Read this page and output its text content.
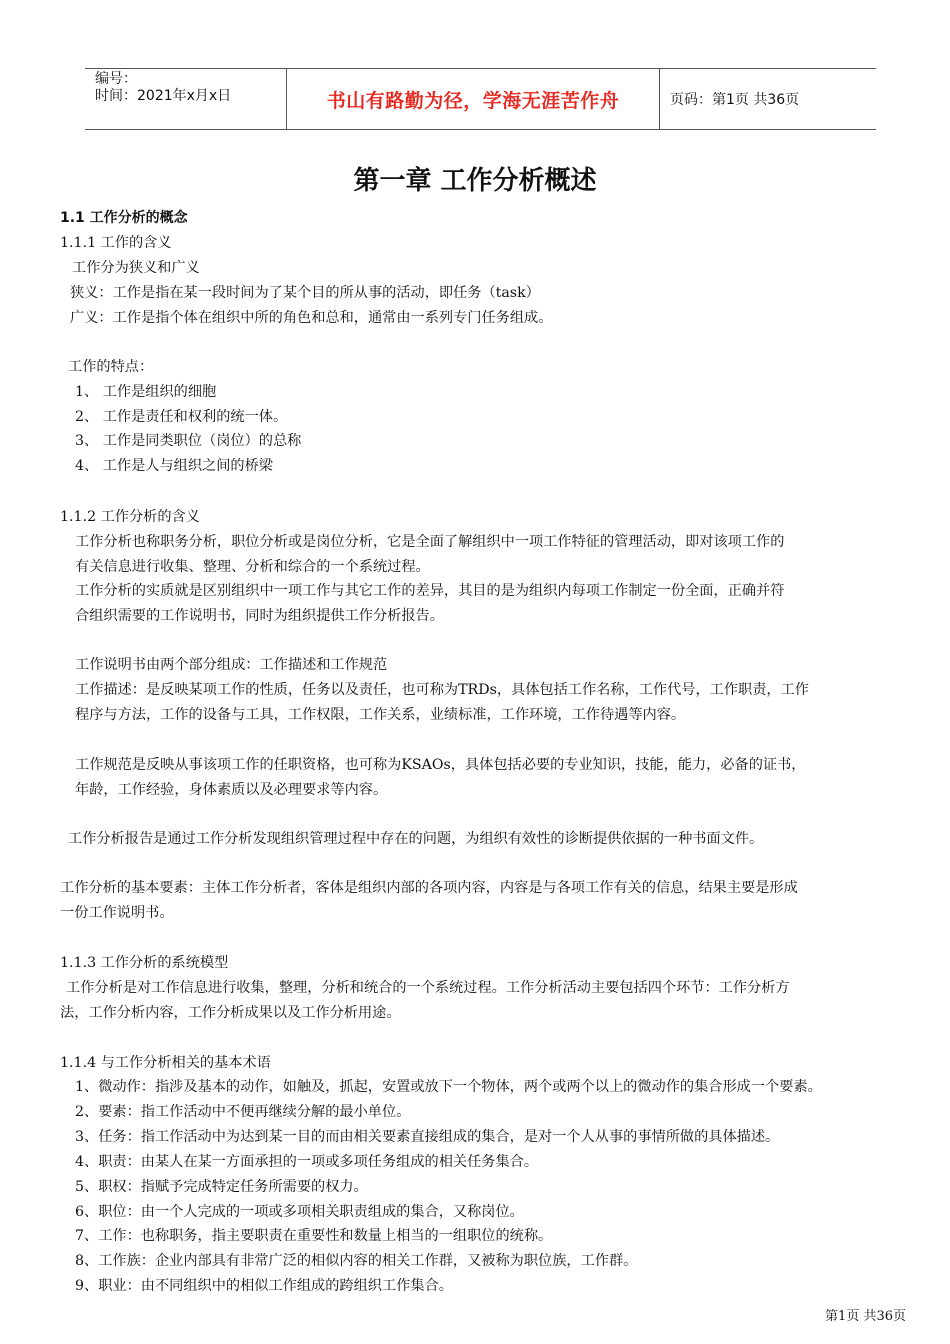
编号：
时间：2021年x月x日	书山有路勤为径，学海无涯苦作舟	页码：第1页 共36页
第一章 工作分析概述
1.1 工作分析的概念
1.1.1 工作的含义
工作分为狭义和广义
狭义：工作是指在某一段时间为了某个目的所从事的活动，即任务（task）
广义：工作是指个体在组织中所的角色和总和，通常由一系列专门任务组成。
工作的特点：
1、 工作是组织的细胞
2、 工作是责任和权利的统一体。
3、 工作是同类职位（岗位）的总称
4、 工作是人与组织之间的桥梁
1.1.2 工作分析的含义
工作分析也称职务分析，职位分析或是岗位分析，它是全面了解组织中一项工作特征的管理活动，即对该项工作的
有关信息进行收集、整理、分析和综合的一个系统过程。
工作分析的实质就是区别组织中一项工作与其它工作的差异，其目的是为组织内每项工作制定一份全面，正确并符
合组织需要的工作说明书，同时为组织提供工作分析报告。
工作说明书由两个部分组成：工作描述和工作规范
工作描述：是反映某项工作的性质，任务以及责任，也可称为TRDs，具体包括工作名称，工作代号，工作职责，工作
程序与方法，工作的设备与工具，工作权限，工作关系，业绩标准，工作环境，工作待遇等内容。
工作规范是反映从事该项工作的任职资格，也可称为KSAOs，具体包括必要的专业知识，技能，能力，必备的证书，
年龄，工作经验，身体素质以及必理要求等内容。
工作分析报告是通过工作分析发现组织管理过程中存在的问题，为组织有效性的诊断提供依据的一种书面文件。
工作分析的基本要素：主体工作分析者，客体是组织内部的各项内容，内容是与各项工作有关的信息，结果主要是形成
一份工作说明书。
1.1.3 工作分析的系统模型
工作分析是对工作信息进行收集，整理，分析和统合的一个系统过程。工作分析活动主要包括四个环节：工作分析方
法，工作分析内容，工作分析成果以及工作分析用途。
1.1.4 与工作分析相关的基本术语
1、微动作：指涉及基本的动作，如触及，抓起，安置或放下一个物体，两个或两个以上的微动作的集合形成一个要素。
2、要素：指工作活动中不便再继续分解的最小单位。
3、任务：指工作活动中为达到某一目的而由相关要素直接组成的集合，是对一个人从事的事情所做的具体描述。
4、职责：由某人在某一方面承担的一项或多项任务组成的相关任务集合。
5、职权：指赋予完成特定任务所需要的权力。
6、职位：由一个人完成的一项或多项相关职责组成的集合，又称岗位。
7、工作：也称职务，指主要职责在重要性和数量上相当的一组职位的统称。
8、工作族：企业内部具有非常广泛的相似内容的相关工作群，又被称为职位族，工作群。
9、职业：由不同组织中的相似工作组成的跨组织工作集合。
第1页 共36页
